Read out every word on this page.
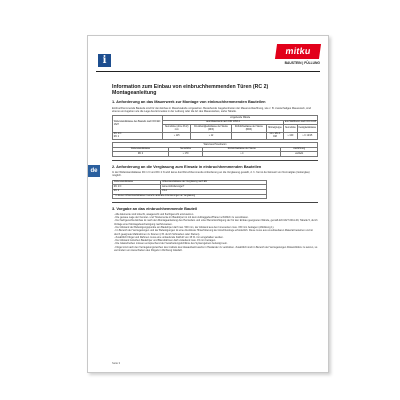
i
mitku
BAUSTEIN | FÜLLUNG
de

Information zum Einbau von einbruchhemmenden Türen (RC 2)

Montageanleitung

1. Anforderung an das Mauerwerk zur Montage von einbruchhemmenden Bauteilen
Einbruchhemmende Bauteile sind für den Einbau in Massivwände vorgesehen. Bestehende Gegebenheiten der Mauerverbauffnung, wie z. B. zweischaliges Mauerwerk, sind ebenso einzugeben wie die Lage des Einmedes in der Leibung oder die Art des Mauerwerkes, siehe Tabelle.
Widerstandsklasse des Bauteils nach DIN EN 1627	umgebende Wände					
	aus Mauerwerk nach DIN 1053-1				aus Stahlbeton nach DIN 1045	
	Nenndicke (ohne Putz) mm	Druckfestigkeitsklasse der Steine (DFK)	Rohdichteklasse der Steine (RDK)	Mörtelgruppe	Nenndicke	Festigkeitsklasse
RC 2 N
RC 2	≥ 115	≥ 12		min. MG II DM	≥ 100	≥ C 12/15
Wand aus Porenbeton			
Widerstandsklasse	Nenndicke	Rohdichteklasse der Steine	Ausführung
RC 2	≥ 170	≥ 4	verklebt
2. Anforderung an die Verglasung zum Einsatz in einbruchhemmenden Bauteilen
In der Widerstandsklasse RC 1 N und RC 2 N wird keine durchbruchhemmende Anforderung an die Verglasung gestellt, d. h. frei ist der Einsatz von Normalglas (Isolierglas) möglich.
Widerstandsklasse	Widerstandsklasse der Verglasung nach EN
RC 2 N	keine Anforderungen*
RC 2	P4 A
* In diesen Widerstandsklassen besteht nationale Anforderungen an Verglasung	
3. Vorgabe an das einbruchhemmende Bauteil
- Alle Elemente sind lotrecht, waagerecht und fluchtgerecht einzusetzen.
- Die genaue Lage der Fenster- und Türelemente im Baukörper ist mit dem Auftraggeber/Planer schriftlich zu vereinbaren.
- Der fachgerechte Einbau ist nach den Montageanleitung des Herstellers und unter Berücksichtigung der für den Einbau geeigneten Wände, gemäß EN 1627:2011-09, Tabelle 5, durch Vorlage einer Montagebescheinigung nachzuweisen.
- Der Abstand der Befestigungspunkte am Baukörper darf max. 500 mm, der Abstand aus den Innenecken max. 150 mm betragen (Abbildung 1).
- Im Bereich der Verriegelungen und der Befestigungen ist eine druckfeste Hinterfütterung der Anschlussfuge erforderlich. Diese muss aus unverbaubaren Material bestehen und ist durch geeignete Maßnahmen zu fixieren (z.B. durch Schrauben oder Kleben).
- Zusätzlich Flügel und Rahmen muss eine umlaufende Falzluft von 15 ±1 mm eingehalten werden.
- Der Abstand zwischen Baukörper und Blendrahmen darf umlaufend max. 15 mm betragen.
- Die Glasscheiben müssen entsprechend der Verarbeitungsrichtlinie des Systemgebers befestigt sein.
- Flügel sind nach den Verriegelungszeichen des Instituts des Glasaufsatz/-werks in Haslander zu verklotzen. Zusätzlich sind im Bereich der Verriegelungen Distanzklötze zu setzen, so vermindern ein Ausschieben des Flügels in Richtung Glasfalz.
Seite 3
